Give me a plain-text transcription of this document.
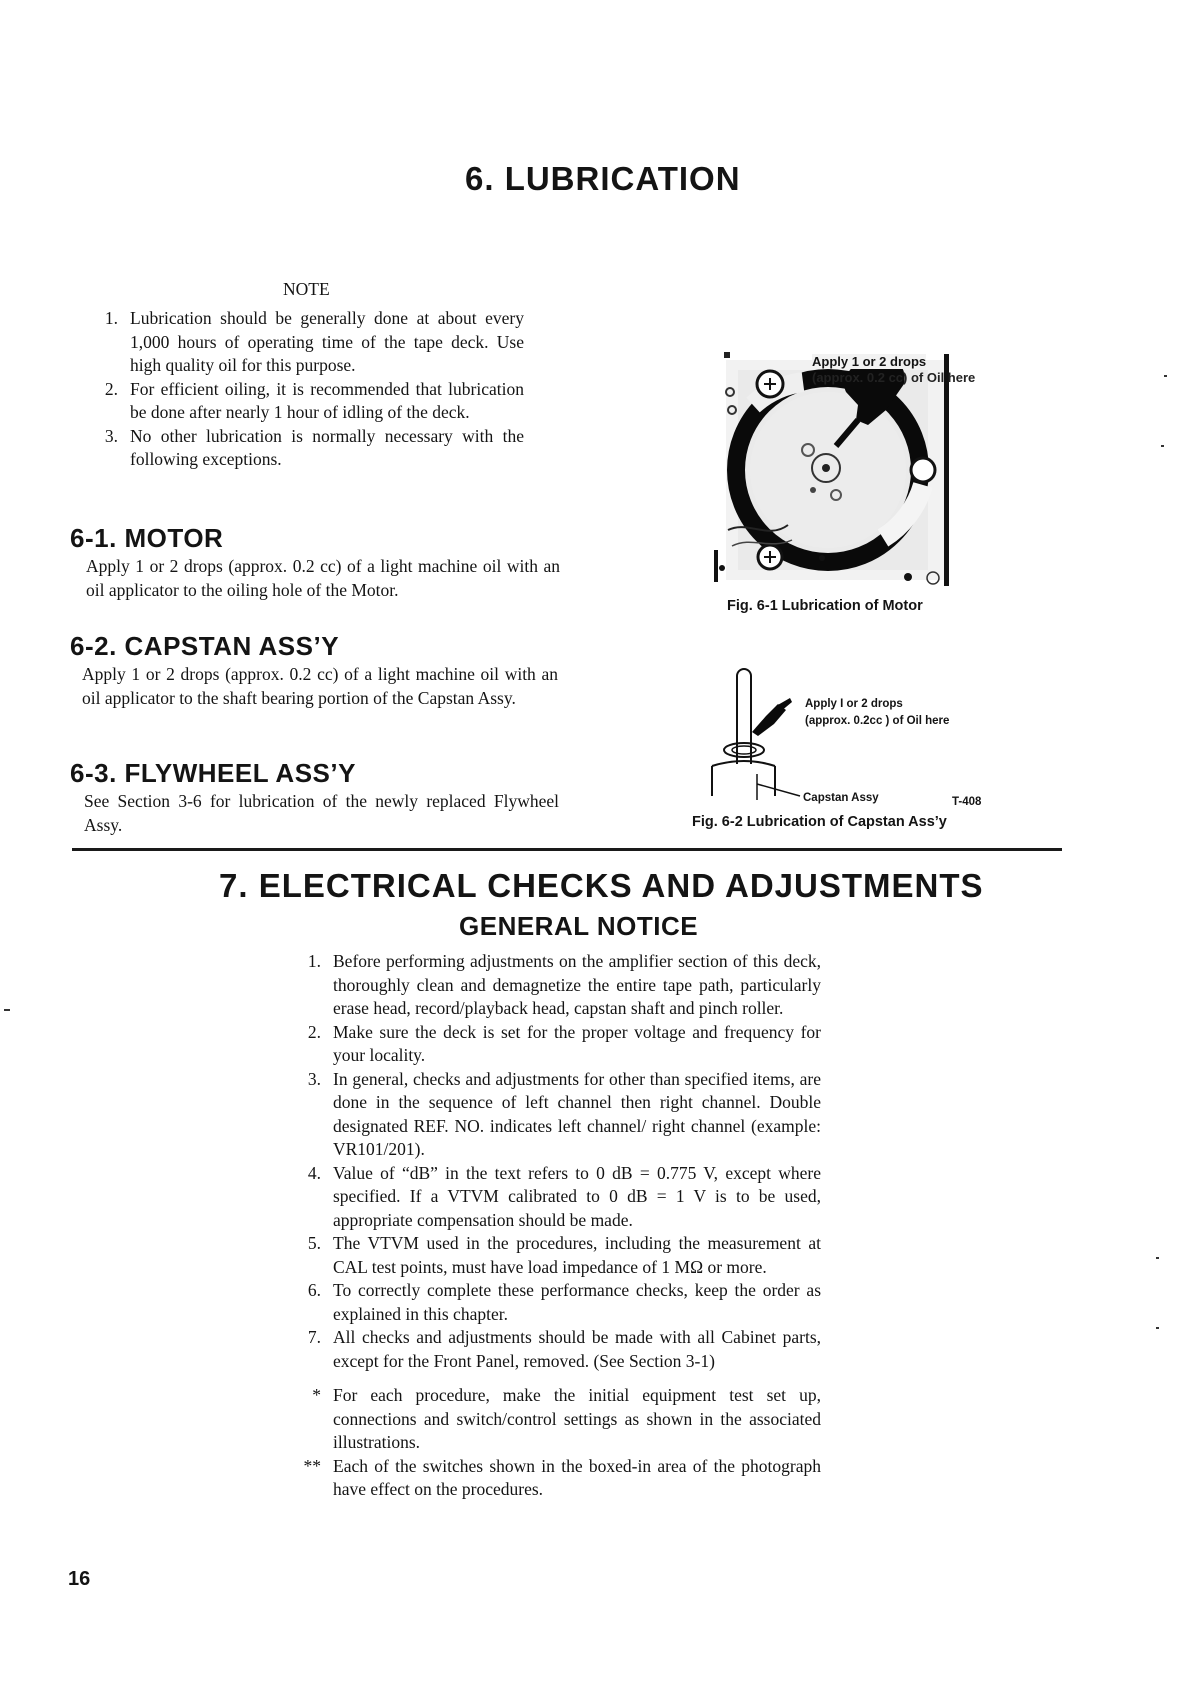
6. LUBRICATION
NOTE
1. Lubrication should be generally done at about every 1,000 hours of operating time of the tape deck. Use high quality oil for this purpose.
2. For efficient oiling, it is recommended that lubrication be done after nearly 1 hour of idling of the deck.
3. No other lubrication is normally necessary with the following exceptions.
6-1. MOTOR
Apply 1 or 2 drops (approx. 0.2 cc) of a light machine oil with an oil applicator to the oiling hole of the Motor.
6-2. CAPSTAN ASS’Y
Apply 1 or 2 drops (approx. 0.2 cc) of a light machine oil with an oil applicator to the shaft bearing portion of the Capstan Assy.
6-3. FLYWHEEL ASS’Y
See Section 3-6 for lubrication of the newly replaced Flywheel Assy.
Apply 1 or 2 drops
(approx. 0.2 cc) of Oil here
Fig. 6-1 Lubrication of Motor
Apply I or 2 drops
(approx. 0.2cc ) of Oil here
Capstan Assy	T-408
Fig. 6-2 Lubrication of Capstan Ass’y
7. ELECTRICAL CHECKS AND ADJUSTMENTS
GENERAL NOTICE
1. Before performing adjustments on the amplifier section of this deck, thoroughly clean and demagnetize the entire tape path, particularly erase head, record/playback head, capstan shaft and pinch roller.
2. Make sure the deck is set for the proper voltage and frequency for your locality.
3. In general, checks and adjustments for other than specified items, are done in the sequence of left channel then right channel. Double designated REF. NO. indicates left channel/ right channel (example: VR101/201).
4. Value of “dB” in the text refers to 0 dB = 0.775 V, except where specified. If a VTVM calibrated to 0 dB = 1 V is to be used, appropriate compensation should be made.
5. The VTVM used in the procedures, including the measurement at CAL test points, must have load impedance of 1 MΩ or more.
6. To correctly complete these performance checks, keep the order as explained in this chapter.
7. All checks and adjustments should be made with all Cabinet parts, except for the Front Panel, removed. (See Section 3-1)
* For each procedure, make the initial equipment test set up, connections and switch/control settings as shown in the associated illustrations.
** Each of the switches shown in the boxed-in area of the photograph have effect on the procedures.
16
